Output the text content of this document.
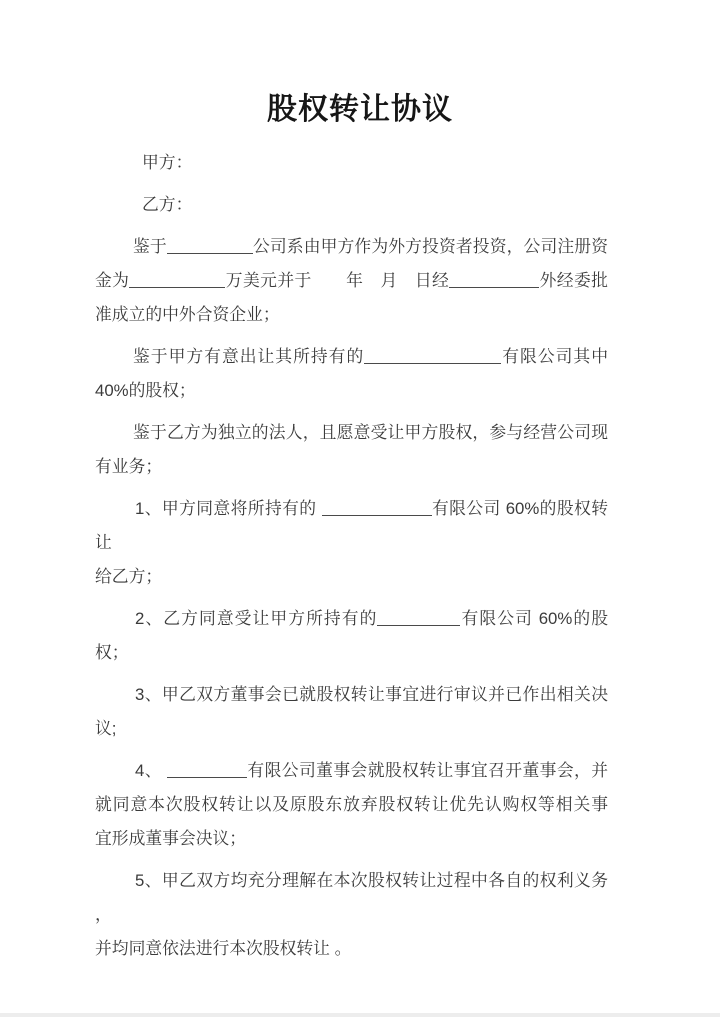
股权转让协议

甲方：

乙方：

鉴于	公司系由甲方作为外方投资者投资，公司注册资
金为	万美元并于　　年　月　日经	外经委批
准成立的中外合资企业；

鉴于甲方有意出让其所持有的	有限公司其中
40%的股权；

鉴于乙方为独立的法人，且愿意受让甲方股权，参与经营公司现
有业务；

1、甲方同意将所持有的	有限公司 60%的股权转让
给乙方；

2、乙方同意受让甲方所持有的	有限公司 60%的股
权；

3、甲乙双方董事会已就股权转让事宜进行审议并已作出相关决
议;

4、	有限公司董事会就股权转让事宜召开董事会，并
就同意本次股权转让以及原股东放弃股权转让优先认购权等相关事
宜形成董事会决议；

5、甲乙双方均充分理解在本次股权转让过程中各自的权利义务 ，
并均同意依法进行本次股权转让 。
